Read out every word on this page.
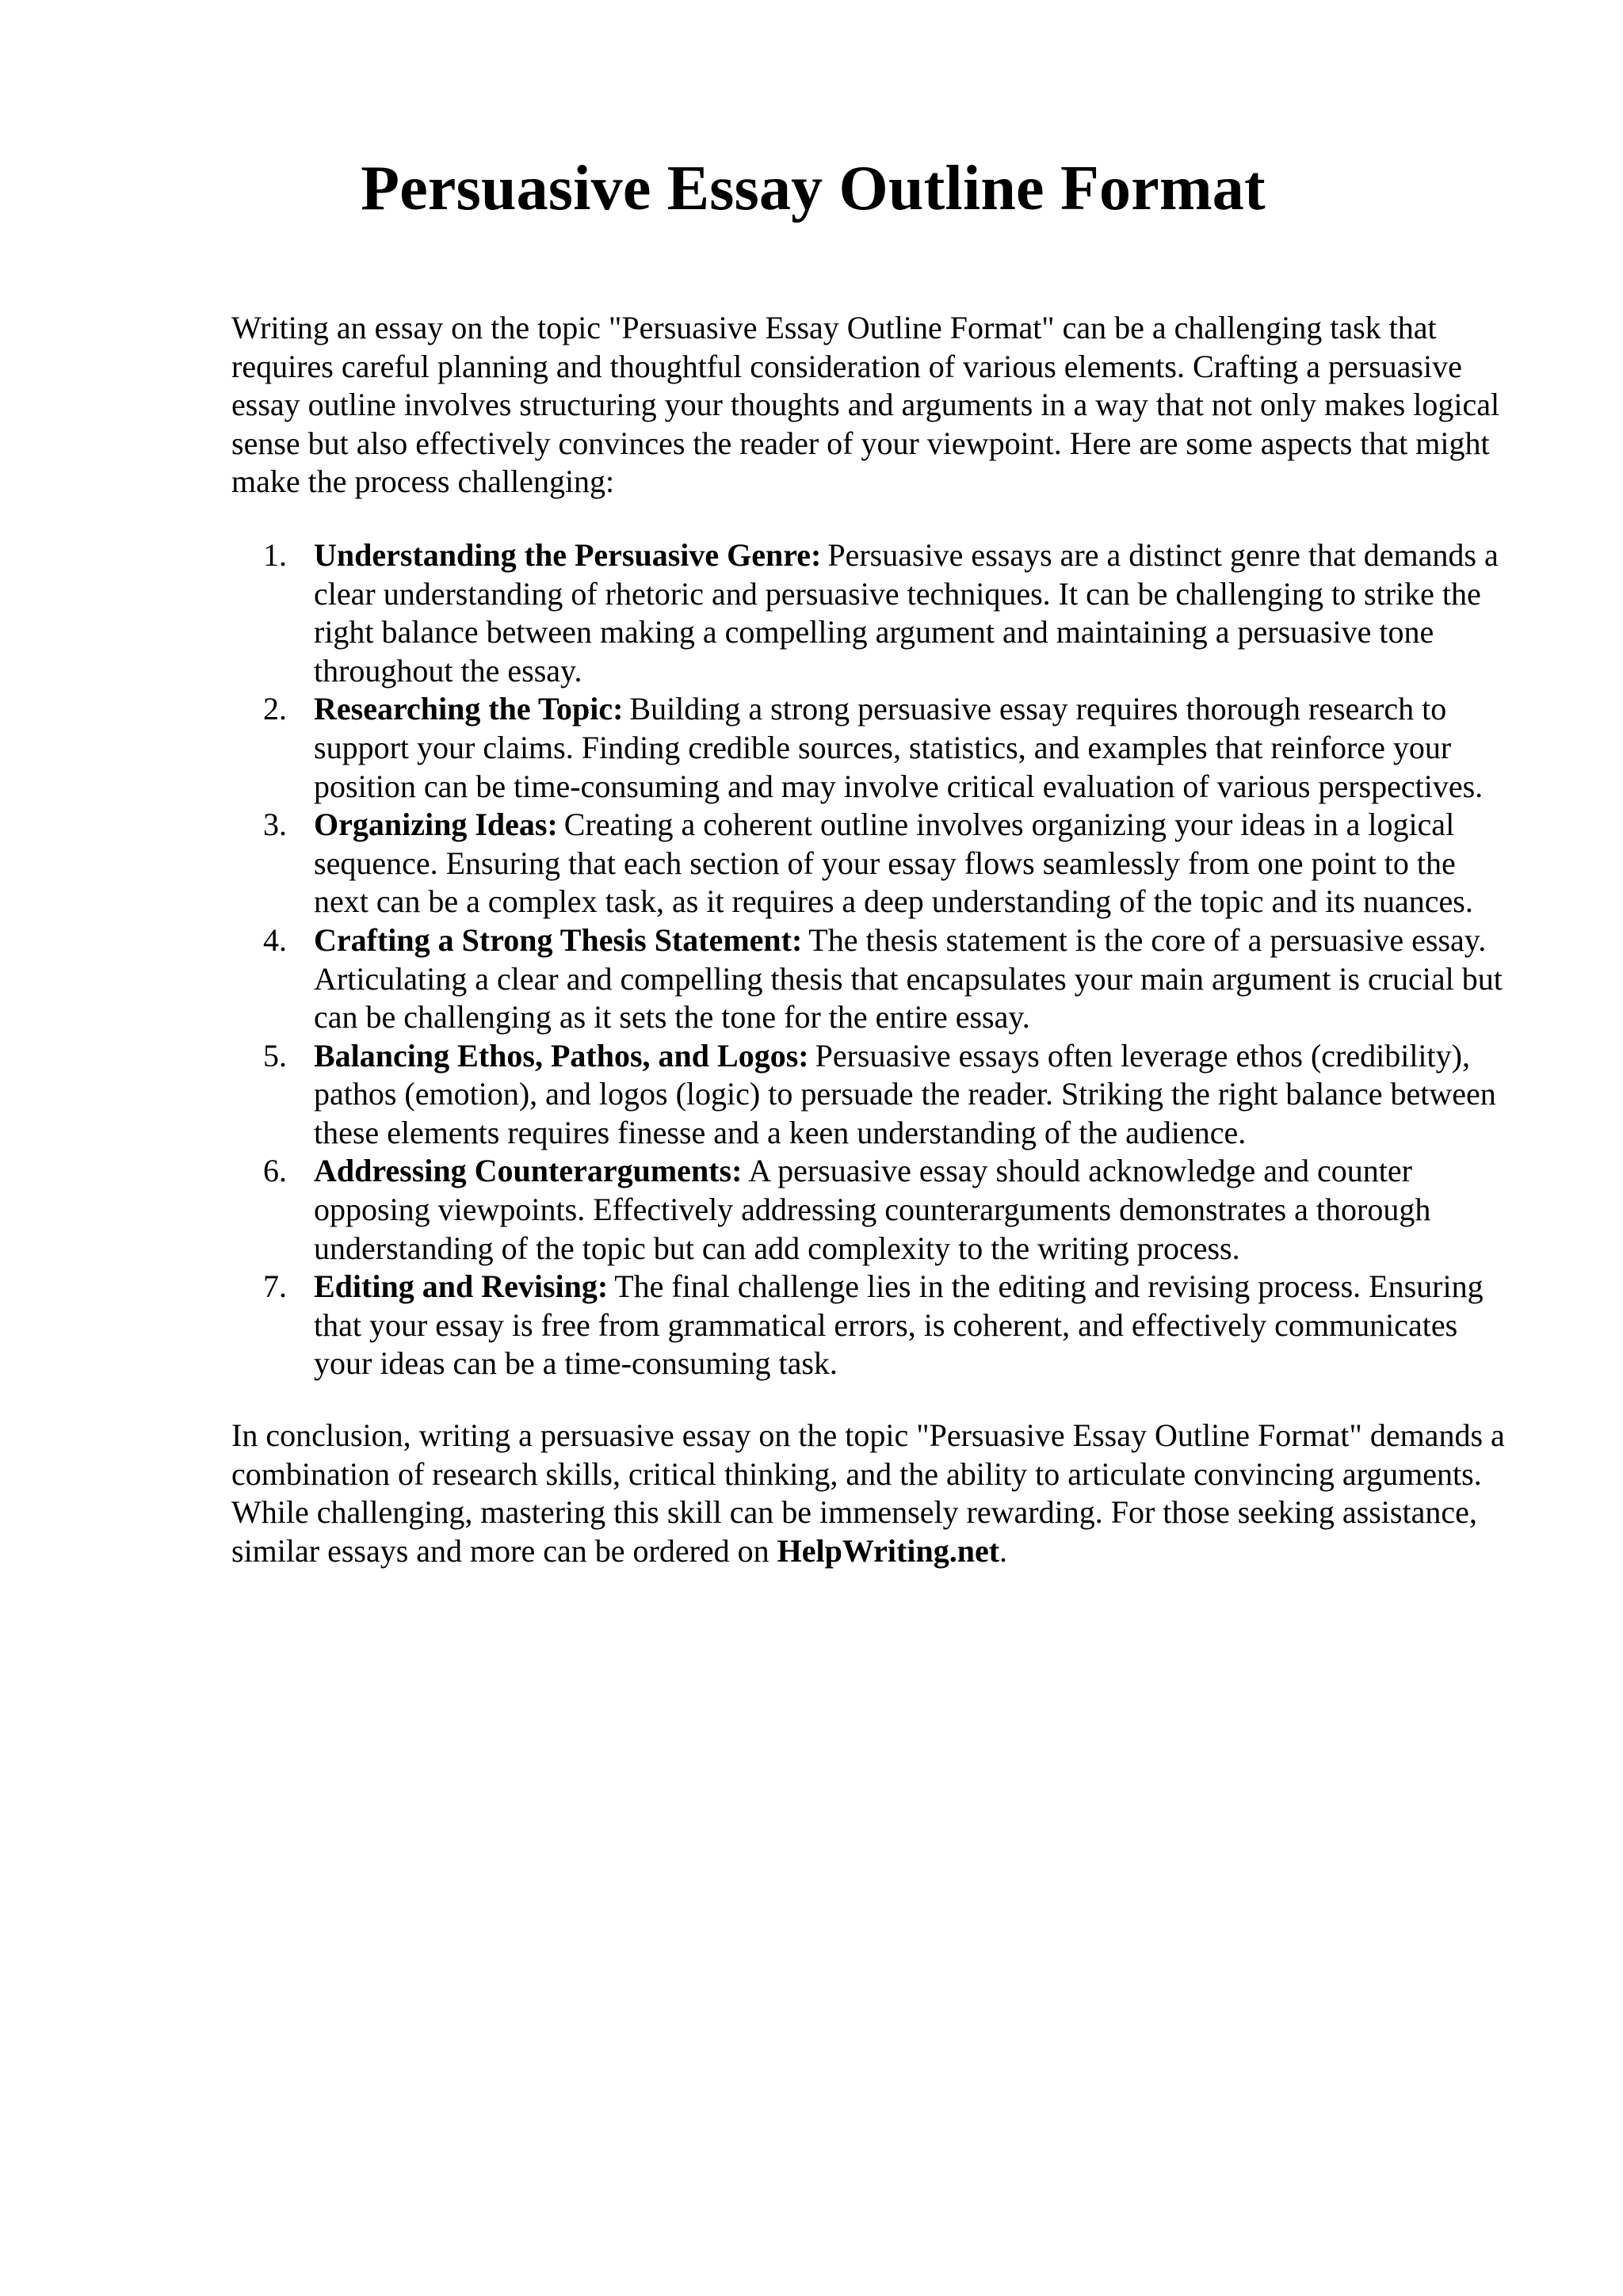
Persuasive Essay Outline Format

Writing an essay on the topic "Persuasive Essay Outline Format" can be a challenging task that requires careful planning and thoughtful consideration of various elements. Crafting a persuasive essay outline involves structuring your thoughts and arguments in a way that not only makes logical sense but also effectively convinces the reader of your viewpoint. Here are some aspects that might make the process challenging:

1. Understanding the Persuasive Genre: Persuasive essays are a distinct genre that demands a clear understanding of rhetoric and persuasive techniques. It can be challenging to strike the right balance between making a compelling argument and maintaining a persuasive tone throughout the essay.
2. Researching the Topic: Building a strong persuasive essay requires thorough research to support your claims. Finding credible sources, statistics, and examples that reinforce your position can be time-consuming and may involve critical evaluation of various perspectives.
3. Organizing Ideas: Creating a coherent outline involves organizing your ideas in a logical sequence. Ensuring that each section of your essay flows seamlessly from one point to the next can be a complex task, as it requires a deep understanding of the topic and its nuances.
4. Crafting a Strong Thesis Statement: The thesis statement is the core of a persuasive essay. Articulating a clear and compelling thesis that encapsulates your main argument is crucial but can be challenging as it sets the tone for the entire essay.
5. Balancing Ethos, Pathos, and Logos: Persuasive essays often leverage ethos (credibility), pathos (emotion), and logos (logic) to persuade the reader. Striking the right balance between these elements requires finesse and a keen understanding of the audience.
6. Addressing Counterarguments: A persuasive essay should acknowledge and counter opposing viewpoints. Effectively addressing counterarguments demonstrates a thorough understanding of the topic but can add complexity to the writing process.
7. Editing and Revising: The final challenge lies in the editing and revising process. Ensuring that your essay is free from grammatical errors, is coherent, and effectively communicates your ideas can be a time-consuming task.

In conclusion, writing a persuasive essay on the topic "Persuasive Essay Outline Format" demands a combination of research skills, critical thinking, and the ability to articulate convincing arguments. While challenging, mastering this skill can be immensely rewarding. For those seeking assistance, similar essays and more can be ordered on HelpWriting.net.
